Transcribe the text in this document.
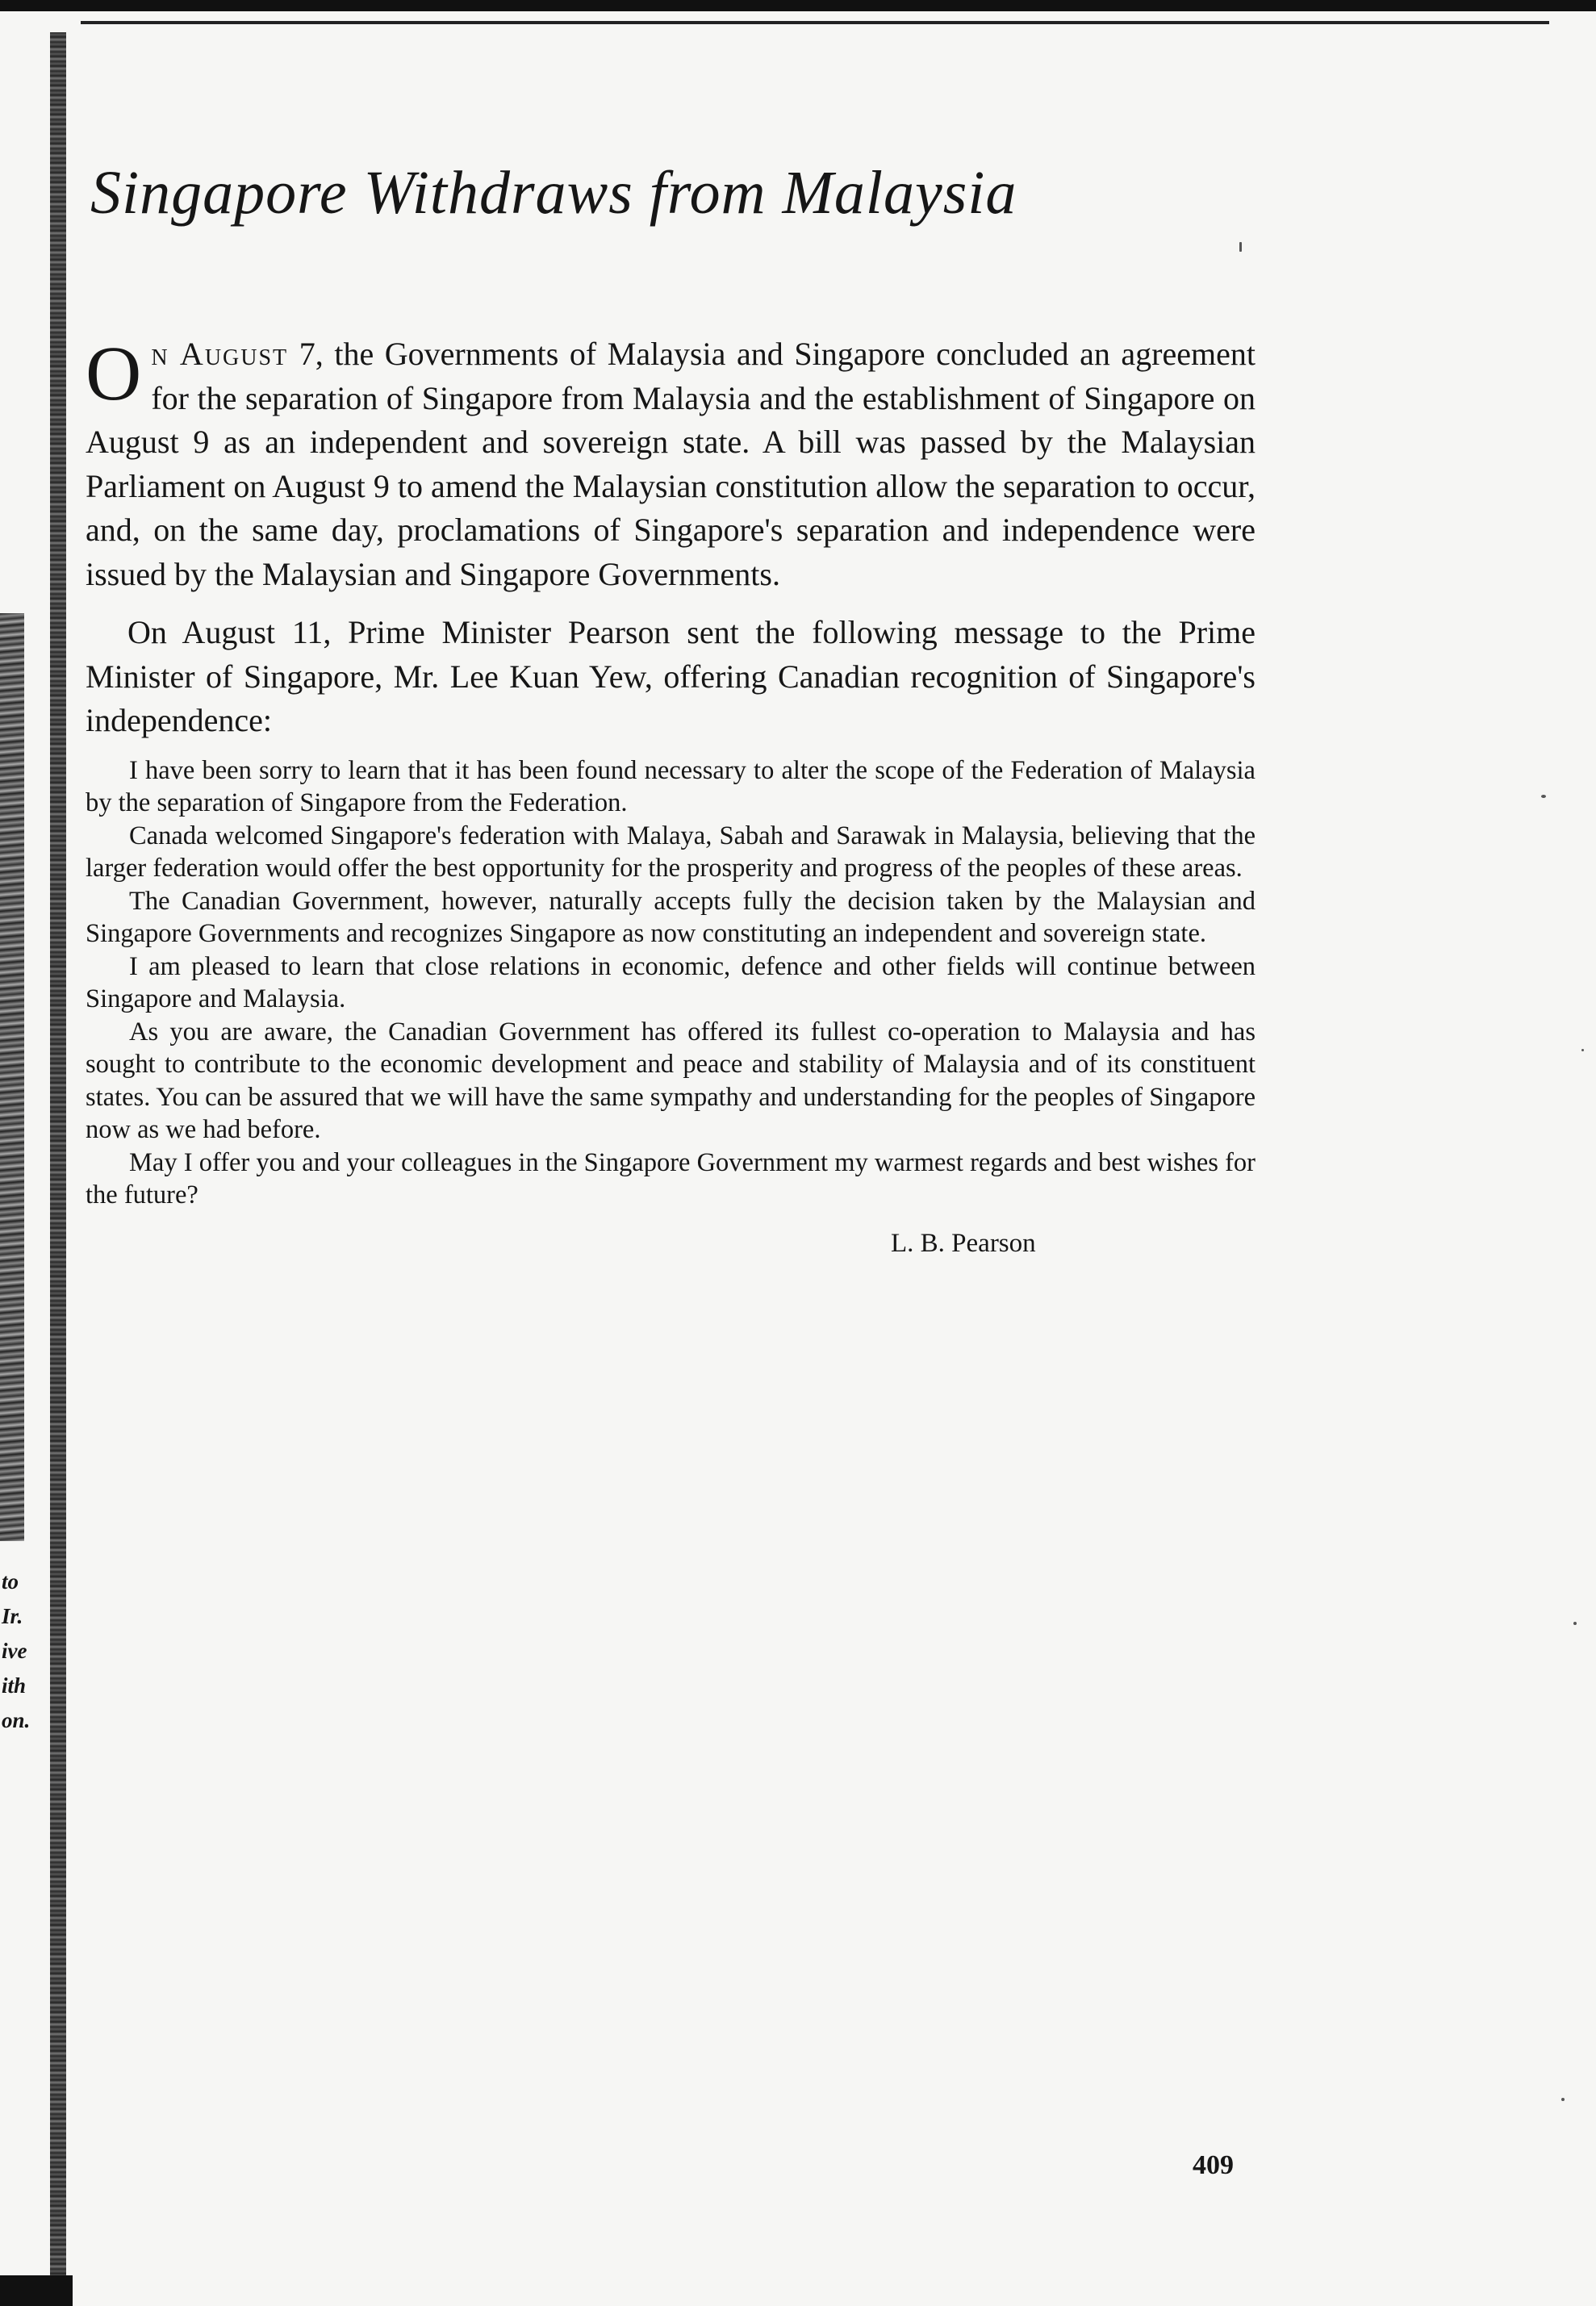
to
Ir.
ive
ith
on.
Singapore Withdraws from Malaysia

On August 7, the Governments of Malaysia and Singapore concluded an agreement for the separation of Singapore from Malaysia and the establishment of Singapore on August 9 as an independent and sovereign state. A bill was passed by the Malaysian Parliament on August 9 to amend the Malaysian constitution allow the separation to occur, and, on the same day, proclamations of Singapore's separation and independence were issued by the Malaysian and Singapore Governments.

On August 11, Prime Minister Pearson sent the following message to the Prime Minister of Singapore, Mr. Lee Kuan Yew, offering Canadian recognition of Singapore's independence:

I have been sorry to learn that it has been found necessary to alter the scope of the Federation of Malaysia by the separation of Singapore from the Federation.

Canada welcomed Singapore's federation with Malaya, Sabah and Sarawak in Malaysia, believing that the larger federation would offer the best opportunity for the prosperity and progress of the peoples of these areas.

The Canadian Government, however, naturally accepts fully the decision taken by the Malaysian and Singapore Governments and recognizes Singapore as now constituting an independent and sovereign state.

I am pleased to learn that close relations in economic, defence and other fields will continue between Singapore and Malaysia.

As you are aware, the Canadian Government has offered its fullest co-operation to Malaysia and has sought to contribute to the economic development and peace and stability of Malaysia and of its constituent states. You can be assured that we will have the same sympathy and understanding for the peoples of Singapore now as we had before.

May I offer you and your colleagues in the Singapore Government my warmest regards and best wishes for the future?

L. B. Pearson

409
